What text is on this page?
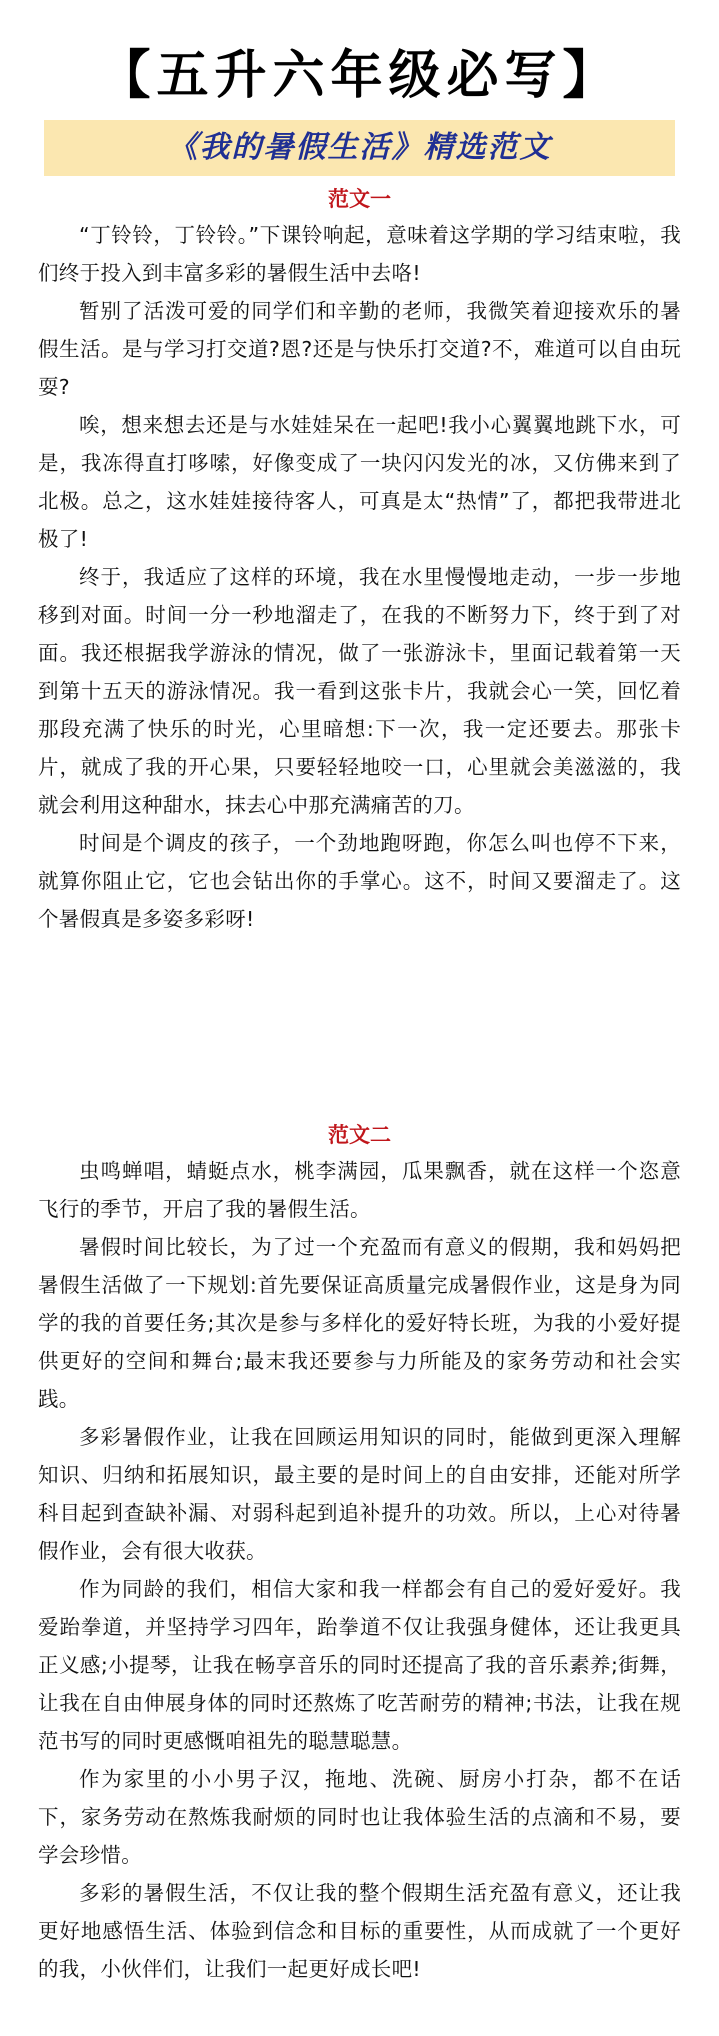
【五升六年级必写】
《我的暑假生活》精选范文
范文一

“丁铃铃，丁铃铃。”下课铃响起，意味着这学期的学习结束啦，我们终于投入到丰富多彩的暑假生活中去咯!

暂别了活泼可爱的同学们和辛勤的老师，我微笑着迎接欢乐的暑假生活。是与学习打交道?恩?还是与快乐打交道?不，难道可以自由玩耍?

唉，想来想去还是与水娃娃呆在一起吧!我小心翼翼地跳下水，可是，我冻得直打哆嗦，好像变成了一块闪闪发光的冰，又仿佛来到了北极。总之，这水娃娃接待客人，可真是太“热情”了，都把我带进北极了!

终于，我适应了这样的环境，我在水里慢慢地走动，一步一步地移到对面。时间一分一秒地溜走了，在我的不断努力下，终于到了对面。我还根据我学游泳的情况，做了一张游泳卡，里面记载着第一天到第十五天的游泳情况。我一看到这张卡片，我就会心一笑，回忆着那段充满了快乐的时光，心里暗想:下一次，我一定还要去。那张卡片，就成了我的开心果，只要轻轻地咬一口，心里就会美滋滋的，我就会利用这种甜水，抹去心中那充满痛苦的刀。

时间是个调皮的孩子，一个劲地跑呀跑，你怎么叫也停不下来，就算你阻止它，它也会钻出你的手掌心。这不，时间又要溜走了。这个暑假真是多姿多彩呀!

范文二

虫鸣蝉唱，蜻蜓点水，桃李满园，瓜果飘香，就在这样一个恣意飞行的季节，开启了我的暑假生活。

暑假时间比较长，为了过一个充盈而有意义的假期，我和妈妈把暑假生活做了一下规划:首先要保证高质量完成暑假作业，这是身为同学的我的首要任务;其次是参与多样化的爱好特长班，为我的小爱好提供更好的空间和舞台;最末我还要参与力所能及的家务劳动和社会实践。

多彩暑假作业，让我在回顾运用知识的同时，能做到更深入理解知识、归纳和拓展知识，最主要的是时间上的自由安排，还能对所学科目起到查缺补漏、对弱科起到追补提升的功效。所以，上心对待暑假作业，会有很大收获。

作为同龄的我们，相信大家和我一样都会有自己的爱好爱好。我爱跆拳道，并坚持学习四年，跆拳道不仅让我强身健体，还让我更具正义感;小提琴，让我在畅享音乐的同时还提高了我的音乐素养;街舞，让我在自由伸展身体的同时还熬炼了吃苦耐劳的精神;书法，让我在规范书写的同时更感慨咱祖先的聪慧聪慧。

作为家里的小小男子汉，拖地、洗碗、厨房小打杂，都不在话下，家务劳动在熬炼我耐烦的同时也让我体验生活的点滴和不易，要学会珍惜。

多彩的暑假生活，不仅让我的整个假期生活充盈有意义，还让我更好地感悟生活、体验到信念和目标的重要性，从而成就了一个更好的我，小伙伴们，让我们一起更好成长吧!
